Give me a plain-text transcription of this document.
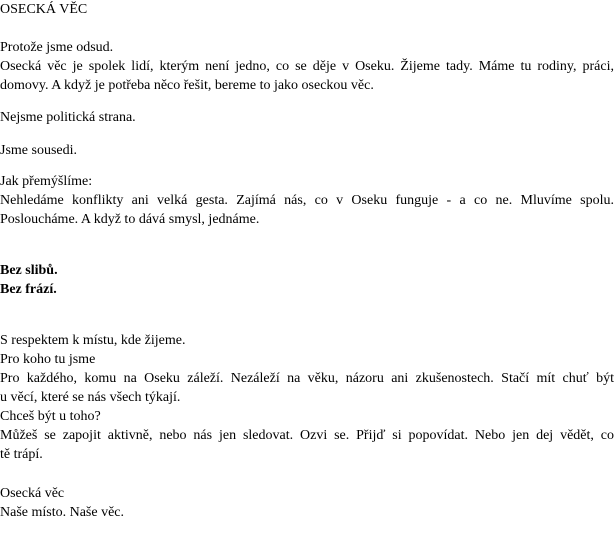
OSECKÁ VĚC
Protože jsme odsud.
Osecká věc je spolek lidí, kterým není jedno, co se děje v Oseku. Žijeme tady. Máme tu rodiny, práci,
domovy. A když je potřeba něco řešit, bereme to jako oseckou věc.
Nejsme politická strana.
Jsme sousedi.
Jak přemýšlíme:
Nehledáme konflikty ani velká gesta. Zajímá nás, co v Oseku funguje - a co ne. Mluvíme spolu.
Posloucháme. A když to dává smysl, jednáme.
Bez slibů.
Bez frází.
S respektem k místu, kde žijeme.
Pro koho tu jsme
Pro každého, komu na Oseku záleží. Nezáleží na věku, názoru ani zkušenostech. Stačí mít chuť být
u věcí, které se nás všech týkají.
Chceš být u toho?
Můžeš se zapojit aktivně, nebo nás jen sledovat. Ozvi se. Přijď si popovídat. Nebo jen dej vědět, co
tě trápí.
Osecká věc
Naše místo. Naše věc.
